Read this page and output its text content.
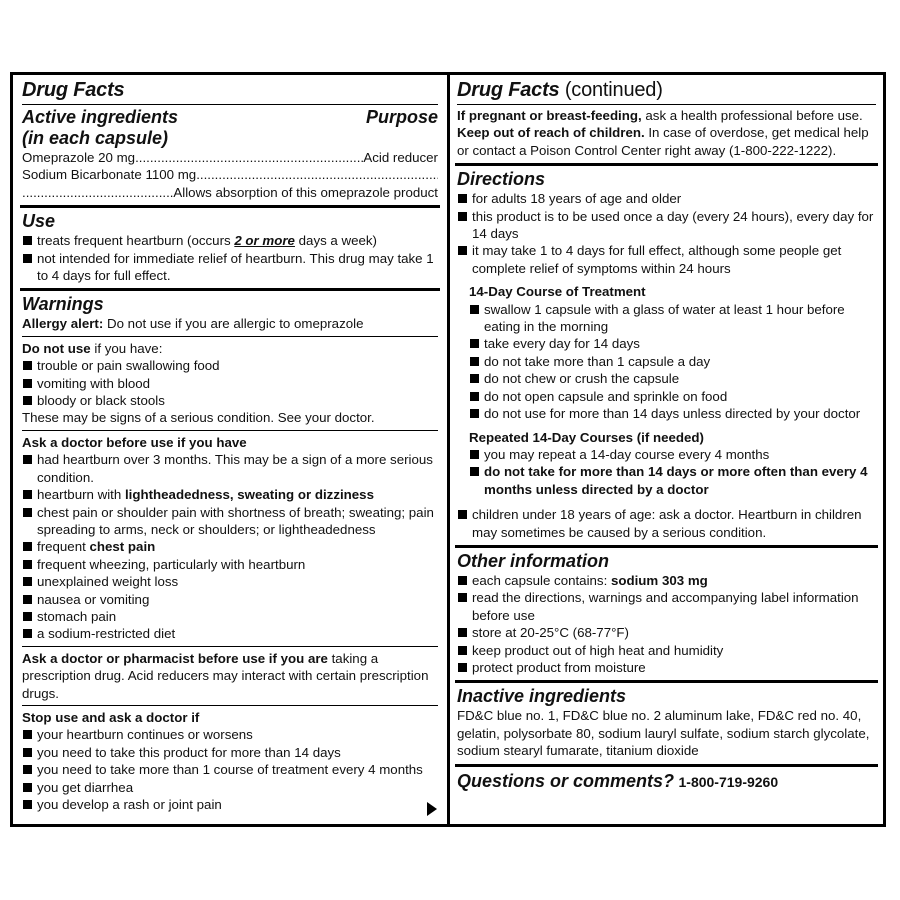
Drug Facts
Active ingredients	Purpose
(in each capsule)
Omeprazole 20 mg
.....	Acid reducer
Sodium Bicarbonate 1100 mg
.....
.....
Allows absorption of this omeprazole product
Use
treats frequent heartburn (occurs 2 or more days a week)
not intended for immediate relief of heartburn. This drug may take 1 to 4 days for full effect.
Warnings
Allergy alert: Do not use if you are allergic to omeprazole
Do not use if you have:
trouble or pain swallowing food
vomiting with blood
bloody or black stools
These may be signs of a serious condition. See your doctor.
Ask a doctor before use if you have
had heartburn over 3 months. This may be a sign of a more serious condition.
heartburn with lightheadedness, sweating or dizziness
chest pain or shoulder pain with shortness of breath; sweating; pain spreading to arms, neck or shoulders; or lightheadedness
frequent chest pain
frequent wheezing, particularly with heartburn
unexplained weight loss
nausea or vomiting
stomach pain
a sodium-restricted diet
Ask a doctor or pharmacist before use if you are taking a prescription drug. Acid reducers may interact with certain prescription drugs.
Stop use and ask a doctor if
your heartburn continues or worsens
you need to take this product for more than 14 days
you need to take more than 1 course of treatment every 4 months
you get diarrhea
you develop a rash or joint pain
Drug Facts (continued)
If pregnant or breast-feeding, ask a health professional before use.
Keep out of reach of children. In case of overdose, get medical help or contact a Poison Control Center right away (1-800-222-1222).
Directions
for adults 18 years of age and older
this product is to be used once a day (every 24 hours), every day for 14 days
it may take 1 to 4 days for full effect, although some people get complete relief of symptoms within 24 hours
14-Day Course of Treatment
swallow 1 capsule with a glass of water at least 1 hour before eating in the morning
take every day for 14 days
do not take more than 1 capsule a day
do not chew or crush the capsule
do not open capsule and sprinkle on food
do not use for more than 14 days unless directed by your doctor
Repeated 14-Day Courses (if needed)
you may repeat a 14-day course every 4 months
do not take for more than 14 days or more often than every 4 months unless directed by a doctor
children under 18 years of age: ask a doctor. Heartburn in children may sometimes be caused by a serious condition.
Other information
each capsule contains: sodium 303 mg
read the directions, warnings and accompanying label information before use
store at 20-25°C (68-77°F)
keep product out of high heat and humidity
protect product from moisture
Inactive ingredients
FD&C blue no. 1, FD&C blue no. 2 aluminum lake, FD&C red no. 40, gelatin, polysorbate 80, sodium lauryl sulfate, sodium starch glycolate, sodium stearyl fumarate, titanium dioxide
Questions or comments? 1-800-719-9260
